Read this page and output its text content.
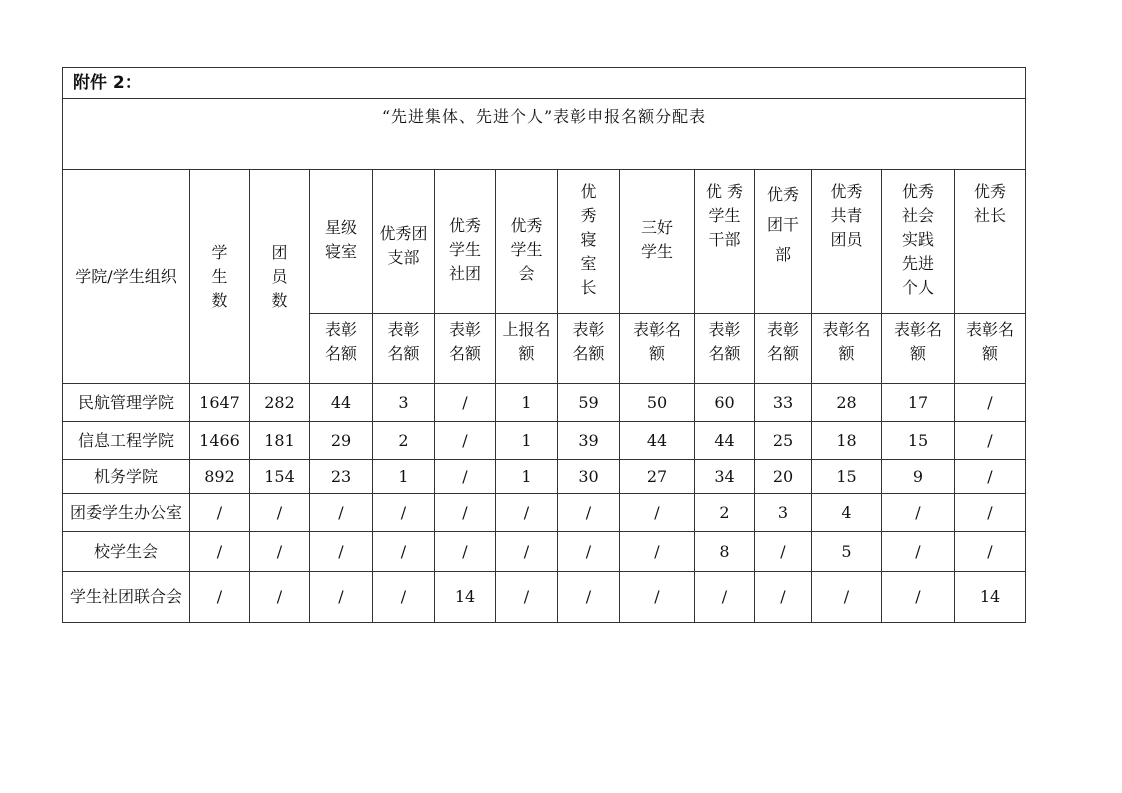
附件 2：													
“先进集体、先进个人”表彰申报名额分配表													
学院/学生组织	学生数	团员数	星级寝室	优秀团支部	优秀学生社团	优秀学生会	优秀寝室长	三好学生	优 秀 学生干部	优秀团干部	优秀共青团员	优秀社会实践先进个人	优秀社长
			表彰名额	表彰名额	表彰名额	上报名额	表彰名额	表彰名额	表彰名额	表彰名额	表彰名额	表彰名额	表彰名额
民航管理学院	1647	282	44	3	/	1	59	50	60	33	28	17	/
信息工程学院	1466	181	29	2	/	1	39	44	44	25	18	15	/
机务学院	892	154	23	1	/	1	30	27	34	20	15	9	/
团委学生办公室	/	/	/	/	/	/	/	/	2	3	4	/	/
校学生会	/	/	/	/	/	/	/	/	8	/	5	/	/
学生社团联合会	/	/	/	/	14	/	/	/	/	/	/	/	14
